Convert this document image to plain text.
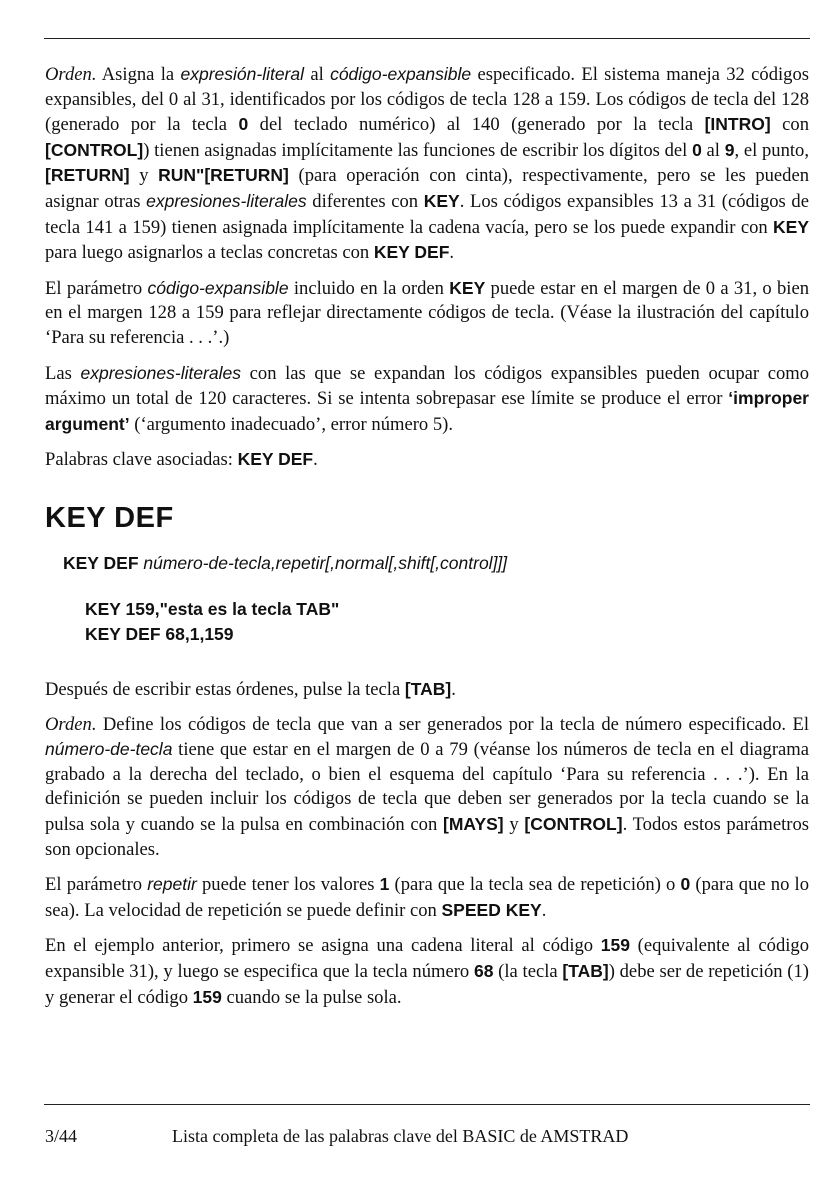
Orden. Asigna la expresión-literal al código-expansible especificado. El sistema maneja 32 códigos expansibles, del 0 al 31, identificados por los códigos de tecla 128 a 159. Los códigos de tecla del 128 (generado por la tecla 0 del teclado numérico) al 140 (generado por la tecla [INTRO] con [CONTROL]) tienen asignadas implícitamente las funciones de escribir los dígitos del 0 al 9, el punto, [RETURN] y RUN"[RETURN] (para operación con cinta), respectivamente, pero se les pueden asignar otras expresiones-literales diferentes con KEY. Los códigos expansibles 13 a 31 (códigos de tecla 141 a 159) tienen asignada implícitamente la cadena vacía, pero se los puede expandir con KEY para luego asignarlos a teclas concretas con KEY DEF.

El parámetro código-expansible incluido en la orden KEY puede estar en el margen de 0 a 31, o bien en el margen 128 a 159 para reflejar directamente códigos de tecla. (Véase la ilustración del capítulo ‘Para su referencia . . .’.)

Las expresiones-literales con las que se expandan los códigos expansibles pueden ocupar como máximo un total de 120 caracteres. Si se intenta sobrepasar ese límite se produce el error ‘improper argument’ (‘argumento inadecuado’, error número 5).

Palabras clave asociadas: KEY DEF.

KEY DEF
KEY DEF número-de-tecla,repetir[,normal[,shift[,control]]]
KEY 159,"esta es la tecla TAB"
KEY DEF 68,1,159

Después de escribir estas órdenes, pulse la tecla [TAB].

Orden. Define los códigos de tecla que van a ser generados por la tecla de número especificado. El número-de-tecla tiene que estar en el margen de 0 a 79 (véanse los números de tecla en el diagrama grabado a la derecha del teclado, o bien el esquema del capítulo ‘Para su referencia . . .’). En la definición se pueden incluir los códigos de tecla que deben ser generados por la tecla cuando se la pulsa sola y cuando se la pulsa en combinación con [MAYS] y [CONTROL]. Todos estos parámetros son opcionales.

El parámetro repetir puede tener los valores 1 (para que la tecla sea de repetición) o 0 (para que no lo sea). La velocidad de repetición se puede definir con SPEED KEY.

En el ejemplo anterior, primero se asigna una cadena literal al código 159 (equivalente al código expansible 31), y luego se especifica que la tecla número 68 (la tecla [TAB]) debe ser de repetición (1) y generar el código 159 cuando se la pulse sola.

3/44	Lista completa de las palabras clave del BASIC de AMSTRAD
